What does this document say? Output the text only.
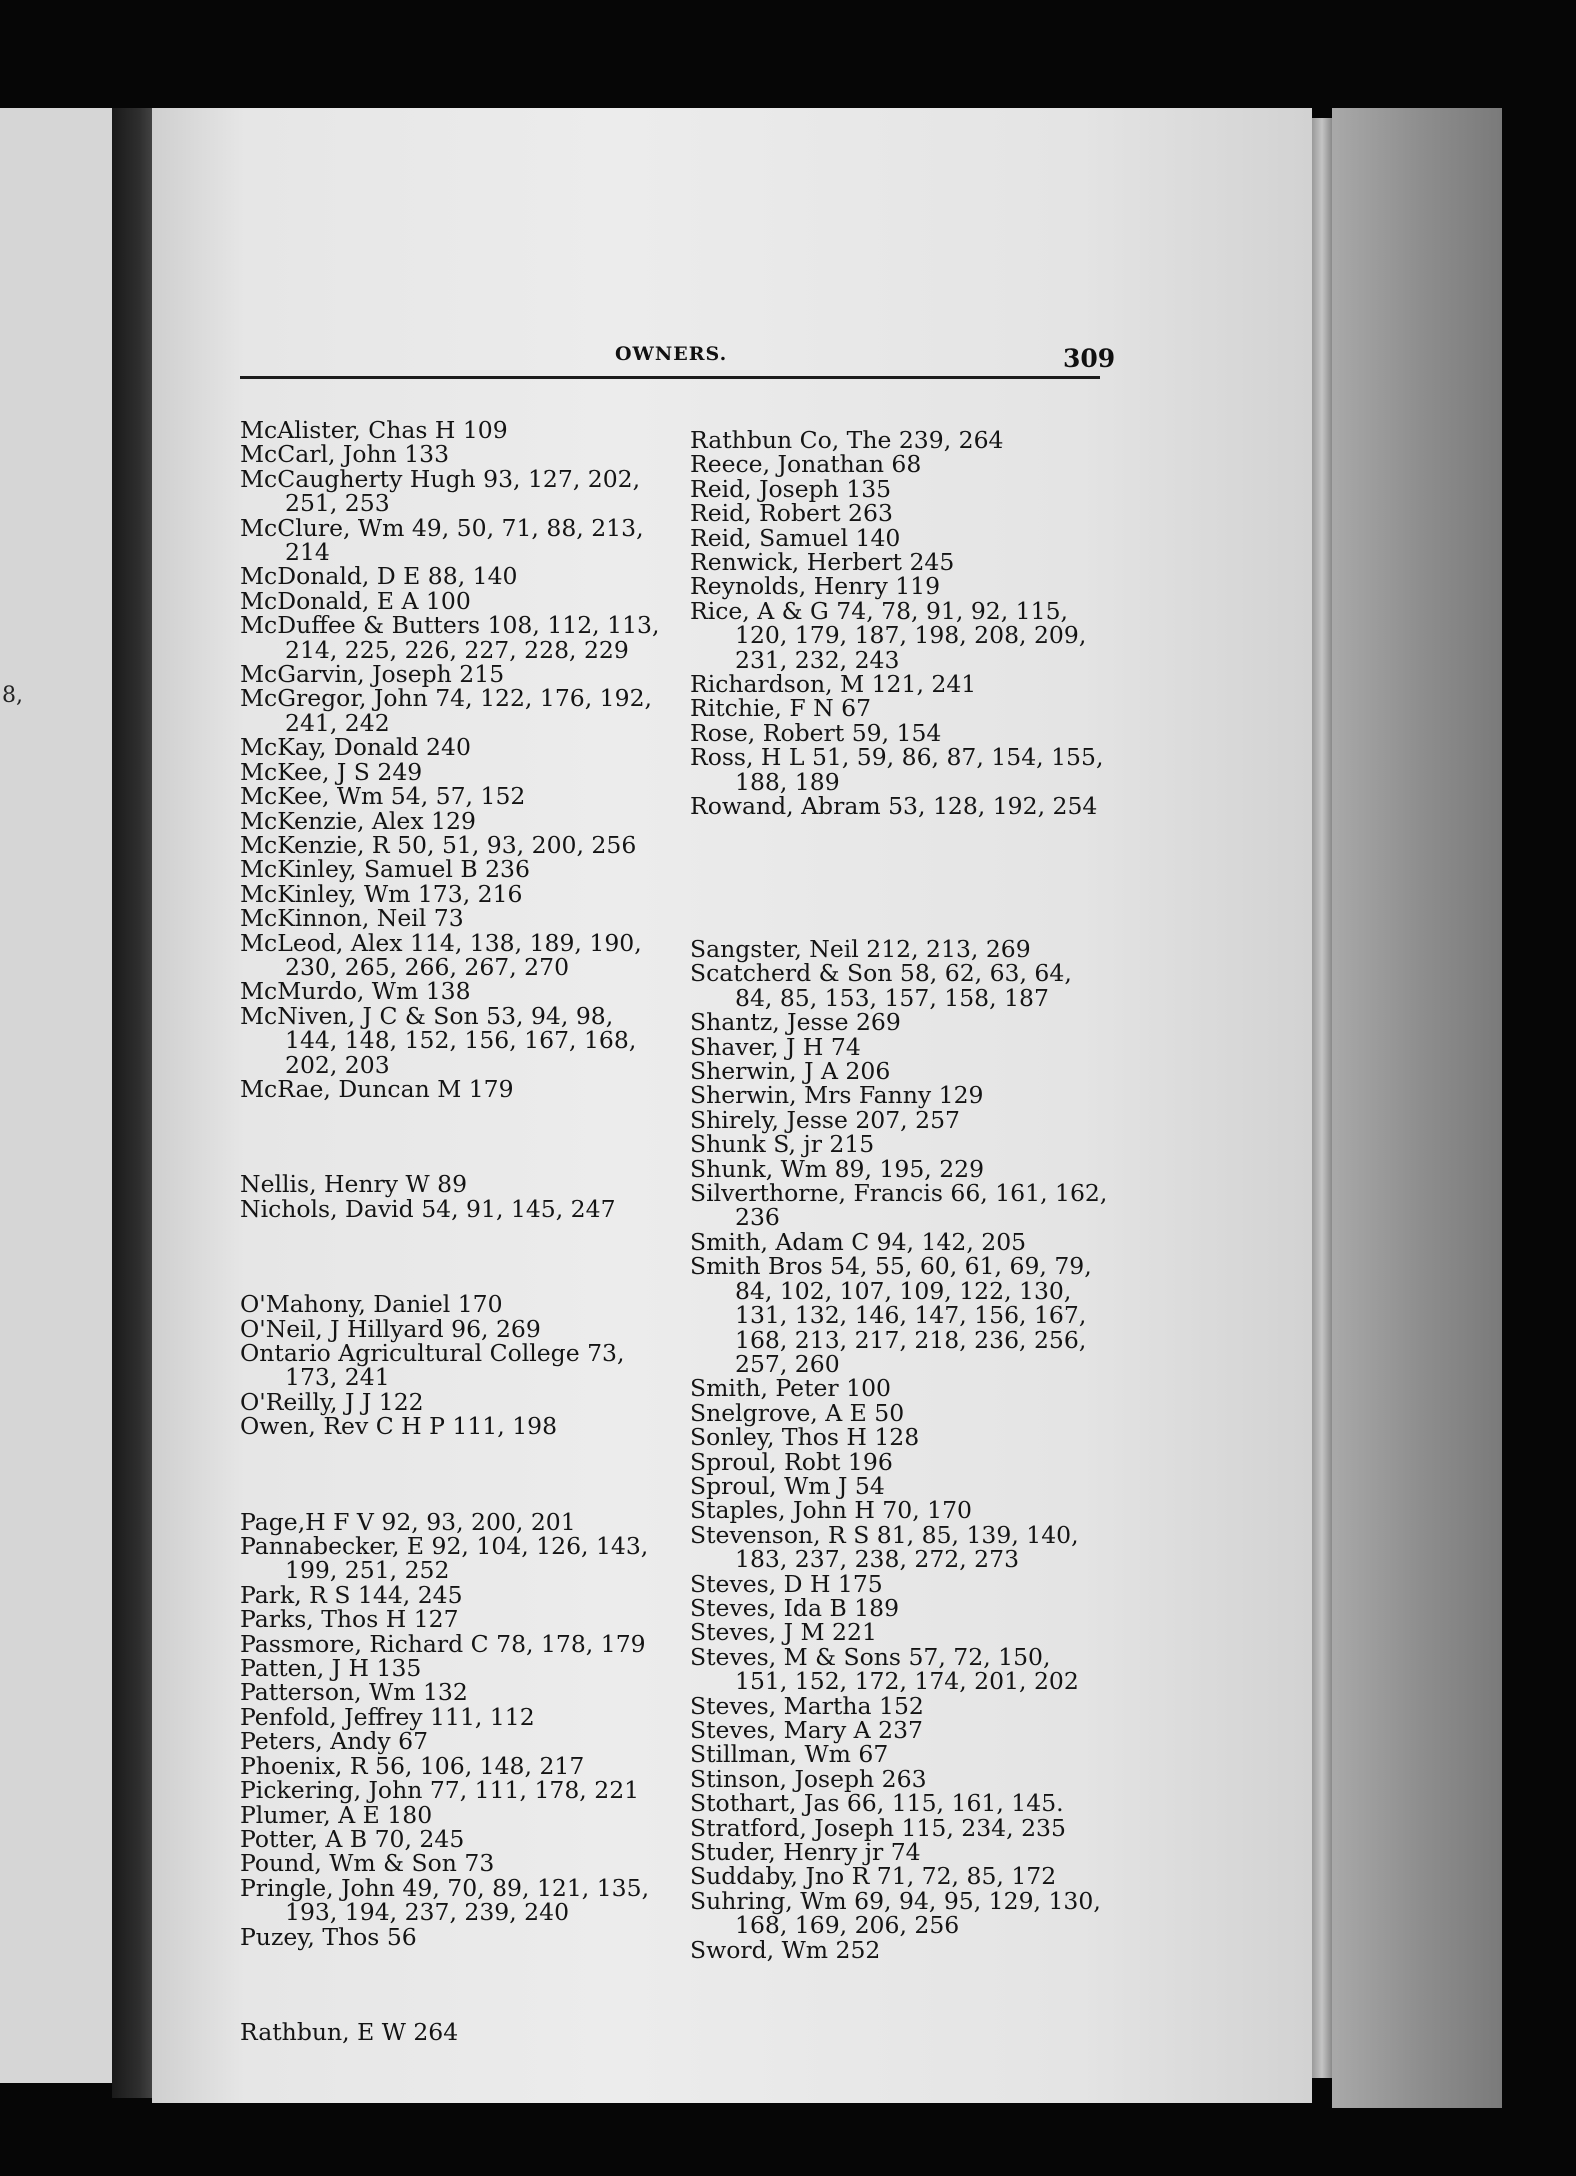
8,
OWNERS.	309

McAlister, Chas H 109

McCarl, John 133

McCaugherty Hugh 93, 127, 202, 251, 253

McClure, Wm 49, 50, 71, 88, 213, 214

McDonald, D E 88, 140

McDonald, E A 100

McDuffee & Butters 108, 112, 113, 214, 225, 226, 227, 228, 229

McGarvin, Joseph 215

McGregor, John 74, 122, 176, 192, 241, 242

McKay, Donald 240

McKee, J S 249

McKee, Wm 54, 57, 152

McKenzie, Alex 129

McKenzie, R 50, 51, 93, 200, 256

McKinley, Samuel B 236

McKinley, Wm 173, 216

McKinnon, Neil 73

McLeod, Alex 114, 138, 189, 190, 230, 265, 266, 267, 270

McMurdo, Wm 138

McNiven, J C & Son 53, 94, 98, 144, 148, 152, 156, 167, 168, 202, 203

McRae, Duncan M 179

Nellis, Henry W 89

Nichols, David 54, 91, 145, 247

O'Mahony, Daniel 170

O'Neil, J Hillyard 96, 269

Ontario Agricultural College 73, 173, 241

O'Reilly, J J 122

Owen, Rev C H P 111, 198

Page,H F V 92, 93, 200, 201

Pannabecker, E 92, 104, 126, 143, 199, 251, 252

Park, R S 144, 245

Parks, Thos H 127

Passmore, Richard C 78, 178, 179

Patten, J H 135

Patterson, Wm 132

Penfold, Jeffrey 111, 112

Peters, Andy 67

Phoenix, R 56, 106, 148, 217

Pickering, John 77, 111, 178, 221

Plumer, A E 180

Potter, A B 70, 245

Pound, Wm & Son 73

Pringle, John 49, 70, 89, 121, 135, 193, 194, 237, 239, 240

Puzey, Thos 56

Rathbun, E W 264

Rathbun Co, The 239, 264

Reece, Jonathan 68

Reid, Joseph 135

Reid, Robert 263

Reid, Samuel 140

Renwick, Herbert 245

Reynolds, Henry 119

Rice, A & G 74, 78, 91, 92, 115, 120, 179, 187, 198, 208, 209, 231, 232, 243

Richardson, M 121, 241

Ritchie, F N 67

Rose, Robert 59, 154

Ross, H L 51, 59, 86, 87, 154, 155, 188, 189

Rowand, Abram 53, 128, 192, 254

Sangster, Neil 212, 213, 269

Scatcherd & Son 58, 62, 63, 64, 84, 85, 153, 157, 158, 187

Shantz, Jesse 269

Shaver, J H 74

Sherwin, J A 206

Sherwin, Mrs Fanny 129

Shirely, Jesse 207, 257

Shunk S, jr 215

Shunk, Wm 89, 195, 229

Silverthorne, Francis 66, 161, 162, 236

Smith, Adam C 94, 142, 205

Smith Bros 54, 55, 60, 61, 69, 79, 84, 102, 107, 109, 122, 130, 131, 132, 146, 147, 156, 167, 168, 213, 217, 218, 236, 256, 257, 260

Smith, Peter 100

Snelgrove, A E 50

Sonley, Thos H 128

Sproul, Robt 196

Sproul, Wm J 54

Staples, John H 70, 170

Stevenson, R S 81, 85, 139, 140, 183, 237, 238, 272, 273

Steves, D H 175

Steves, Ida B 189

Steves, J M 221

Steves, M & Sons 57, 72, 150, 151, 152, 172, 174, 201, 202

Steves, Martha 152

Steves, Mary A 237

Stillman, Wm 67

Stinson, Joseph 263

Stothart, Jas 66, 115, 161, 145.

Stratford, Joseph 115, 234, 235

Studer, Henry jr 74

Suddaby, Jno R 71, 72, 85, 172

Suhring, Wm 69, 94, 95, 129, 130, 168, 169, 206, 256

Sword, Wm 252
